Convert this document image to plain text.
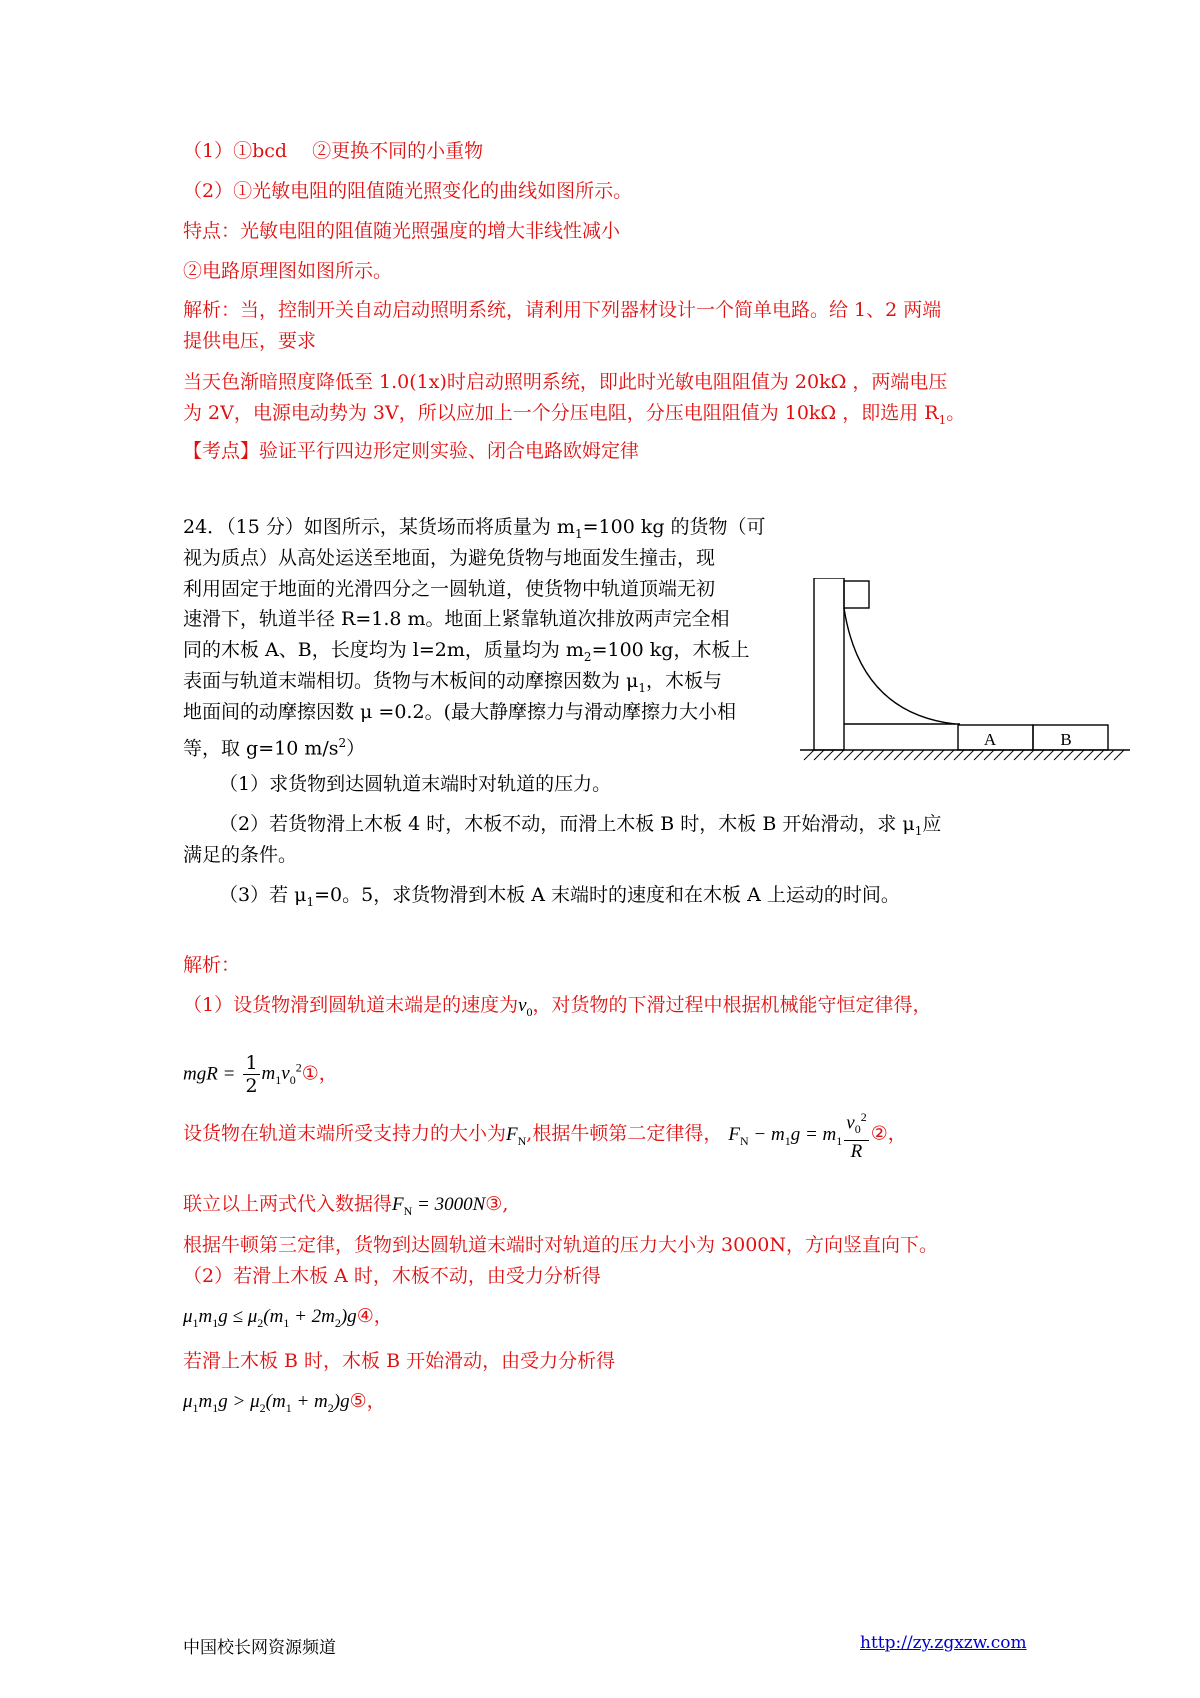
（1）①bcd　 ②更换不同的小重物
（2）①光敏电阻的阻值随光照变化的曲线如图所示。
特点：光敏电阻的阻值随光照强度的增大非线性减小
②电路原理图如图所示。
解析：当，控制开关自动启动照明系统，请利用下列器材设计一个简单电路。给 1、2 两端
提供电压，要求
当天色渐暗照度降低至 1.0(1x)时启动照明系统，即此时光敏电阻阻值为 20kΩ ，两端电压
为 2V，电源电动势为 3V，所以应加上一个分压电阻，分压电阻阻值为 10kΩ ，即选用 $R_1$。
【考点】验证平行四边形定则实验、闭合电路欧姆定律
24．（15 分）如图所示，某货场而将质量为 $m_1=100$ kg 的货物（可
视为质点）从高处运送至地面，为避免货物与地面发生撞击，现
利用固定于地面的光滑四分之一圆轨道，使货物中轨道顶端无初
速滑下，轨道半径 R=1.8 m。地面上紧靠轨道次排放两声完全相
同的木板 A、B，长度均为 l=2m，质量均为 $m_2=100$ kg，木板上
表面与轨道末端相切。货物与木板间的动摩擦因数为 $\mu_1$，木板与
地面间的动摩擦因数 μ =0.2。(最大静摩擦力与滑动摩擦力大小相
等，取 g=10 $m/s^2$）	A	B
（1）求货物到达圆轨道末端时对轨道的压力。
（2）若货物滑上木板 4 时，木板不动，而滑上木板 B 时，木板 B 开始滑动，求 $\mu_1$应
满足的条件。
（3）若 $\mu_1=0$。5，求货物滑到木板 A 末端时的速度和在木板 A 上运动的时间。
解析：
（1）设货物滑到圆轨道末端是的速度为$v_0$，对货物的下滑过程中根据机械能守恒定律得，
mgR = $\frac{1}{2}$ $m_1v_0^2①$，
设货物在轨道末端所受支持力的大小为$F_N$,根据牛顿第二定律得， $F_N - m_1g = m_1 \frac{v_0^2}{R}$ ②，
联立以上两式代入数据得$F_N$ = 3000N③,
根据牛顿第三定律，货物到达圆轨道末端时对轨道的压力大小为 3000N，方向竖直向下。
（2）若滑上木板 A 时，木板不动，由受力分析得
$\mu_1m_1g \le \mu_2(m_1$ + $2m_2)g④$，
若滑上木板 B 时，木板 B 开始滑动，由受力分析得
$\mu_1m_1g > \mu_2(m_1$ + $m_2)g⑤$，
中国校长网资源频道	http://zy.zgxzw.com
